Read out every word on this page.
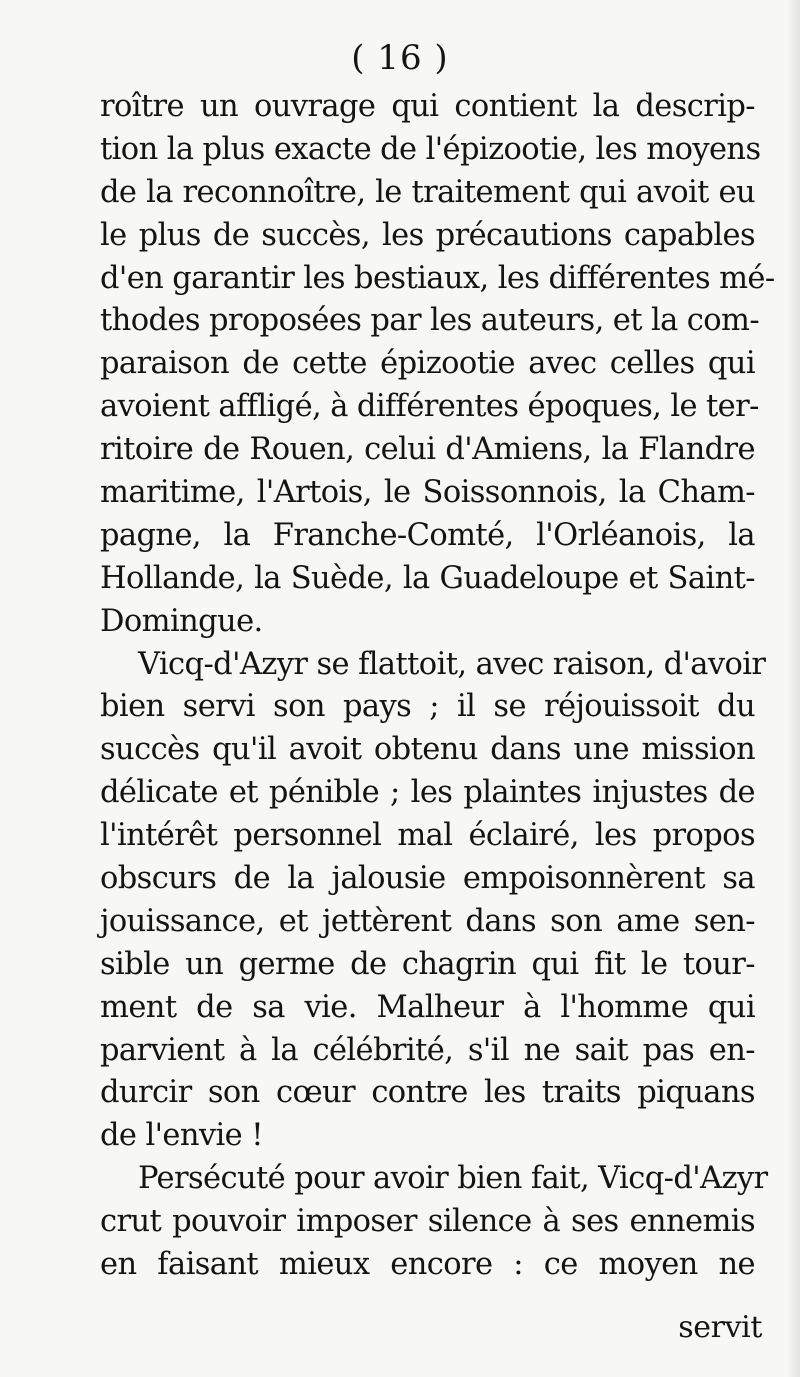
( 16 )
roître un ouvrage qui contient la descrip-
tion la plus exacte de l'épizootie, les moyens
de la reconnoître, le traitement qui avoit eu
le plus de succès, les précautions capables
d'en garantir les bestiaux, les différentes mé-
thodes proposées par les auteurs, et la com-
paraison de cette épizootie avec celles qui
avoient affligé, à différentes époques, le ter-
ritoire de Rouen, celui d'Amiens, la Flandre
maritime, l'Artois, le Soissonnois, la Cham-
pagne, la Franche-Comté, l'Orléanois, la
Hollande, la Suède, la Guadeloupe et Saint-
Domingue.
Vicq-d'Azyr se flattoit, avec raison, d'avoir
bien servi son pays ; il se réjouissoit du
succès qu'il avoit obtenu dans une mission
délicate et pénible ; les plaintes injustes de
l'intérêt personnel mal éclairé, les propos
obscurs de la jalousie empoisonnèrent sa
jouissance, et jettèrent dans son ame sen-
sible un germe de chagrin qui fit le tour-
ment de sa vie. Malheur à l'homme qui
parvient à la célébrité, s'il ne sait pas en-
durcir son cœur contre les traits piquans
de l'envie !
Persécuté pour avoir bien fait, Vicq-d'Azyr
crut pouvoir imposer silence à ses ennemis
en faisant mieux encore : ce moyen ne
servit
